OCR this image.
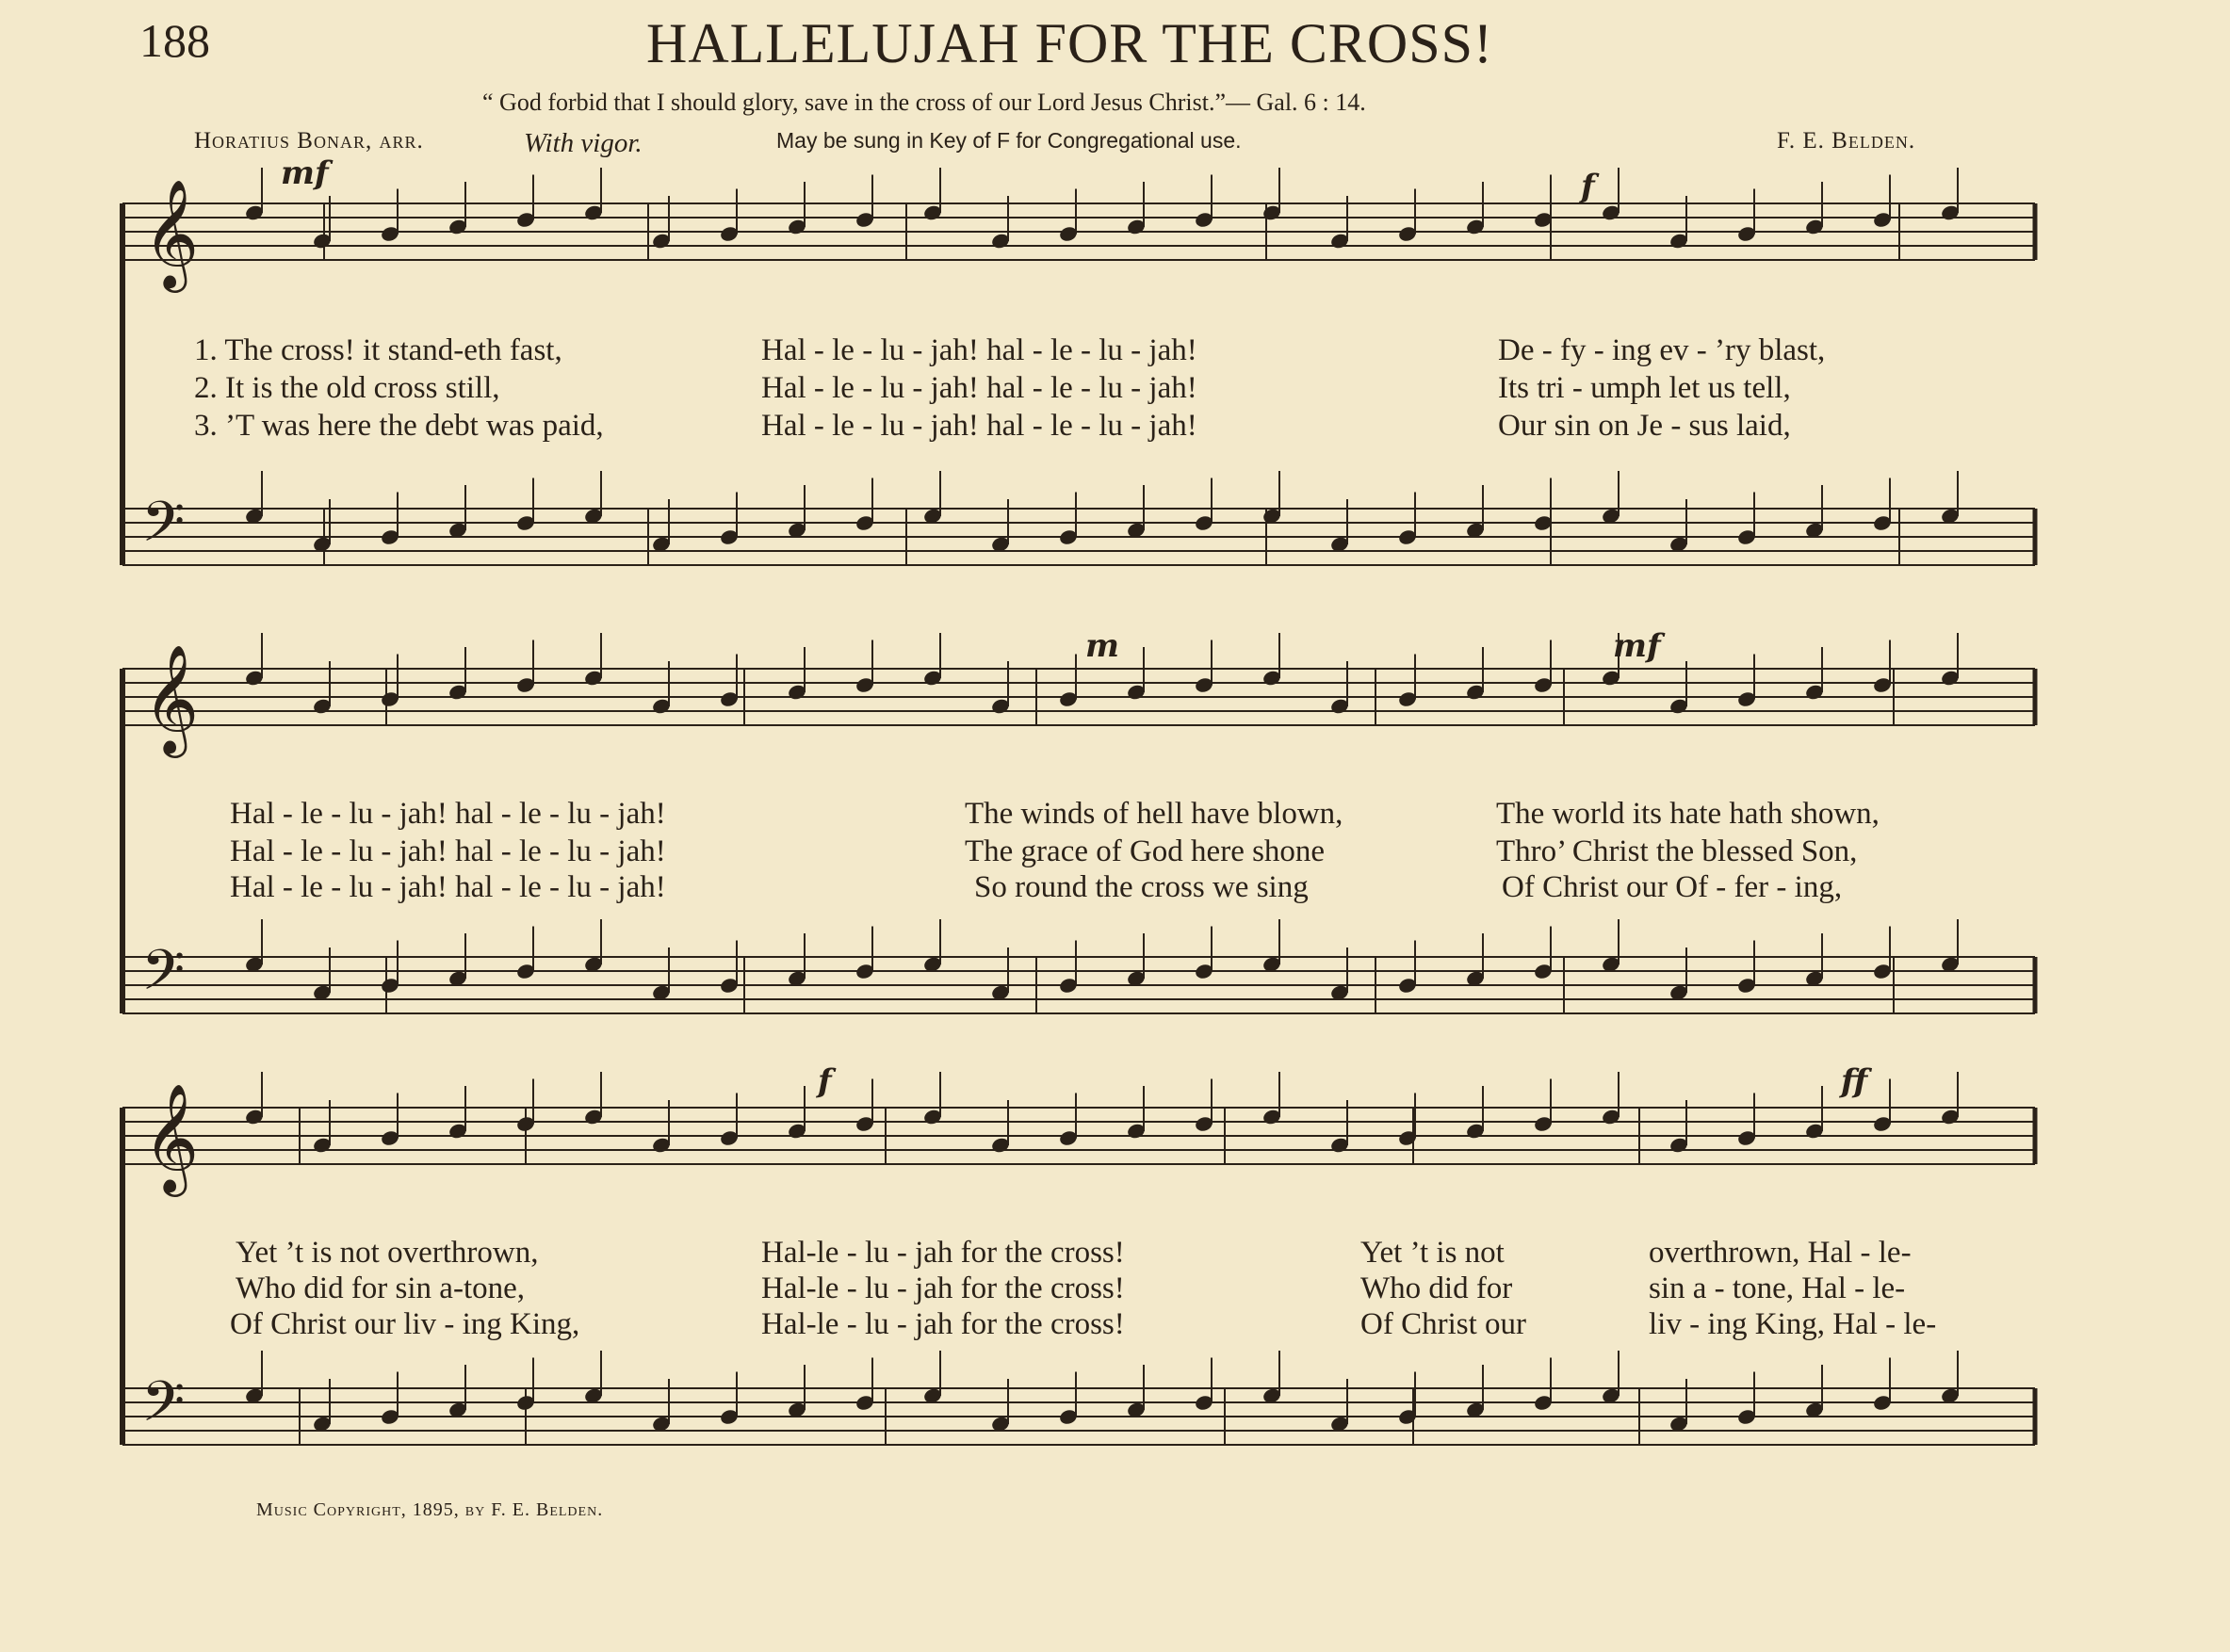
𝄞
𝄢
𝄞
𝄢
𝄞
𝄢
188	HALLELUJAH FOR THE CROSS!
“ God forbid that I should glory, save in the cross of our Lord Jesus Christ.”— Gal. 6 : 14.
Horatius Bonar, arr.	With vigor.	May be sung in Key of F for Congregational use.	F. E. Belden.
mf	f
m	mf
f	ff
1. The cross! it stand-eth fast,	Hal - le - lu - jah! hal - le - lu - jah!	De - fy - ing ev - ’ry blast,
2. It is the old cross still,	Hal - le - lu - jah! hal - le - lu - jah!	Its tri - umph let us tell,
3. ’T was here the debt was paid,	Hal - le - lu - jah! hal - le - lu - jah!	Our sin on Je - sus laid,
Hal - le - lu - jah! hal - le - lu - jah!	The winds of hell have blown,	The world its hate hath shown,
Hal - le - lu - jah! hal - le - lu - jah!	The grace of God here shone	Thro’ Christ the blessed Son,
Hal - le - lu - jah! hal - le - lu - jah!	So round the cross we sing	Of Christ our Of - fer - ing,
Yet ’t is not overthrown,	Hal-le - lu - jah for the cross!	Yet ’t is not	overthrown, Hal - le-
Who did for sin a-tone,	Hal-le - lu - jah for the cross!	Who did for	sin a - tone, Hal - le-
Of Christ our liv - ing King,	Hal-le - lu - jah for the cross!	Of Christ our	liv - ing King, Hal - le-
Music Copyright, 1895, by F. E. Belden.
